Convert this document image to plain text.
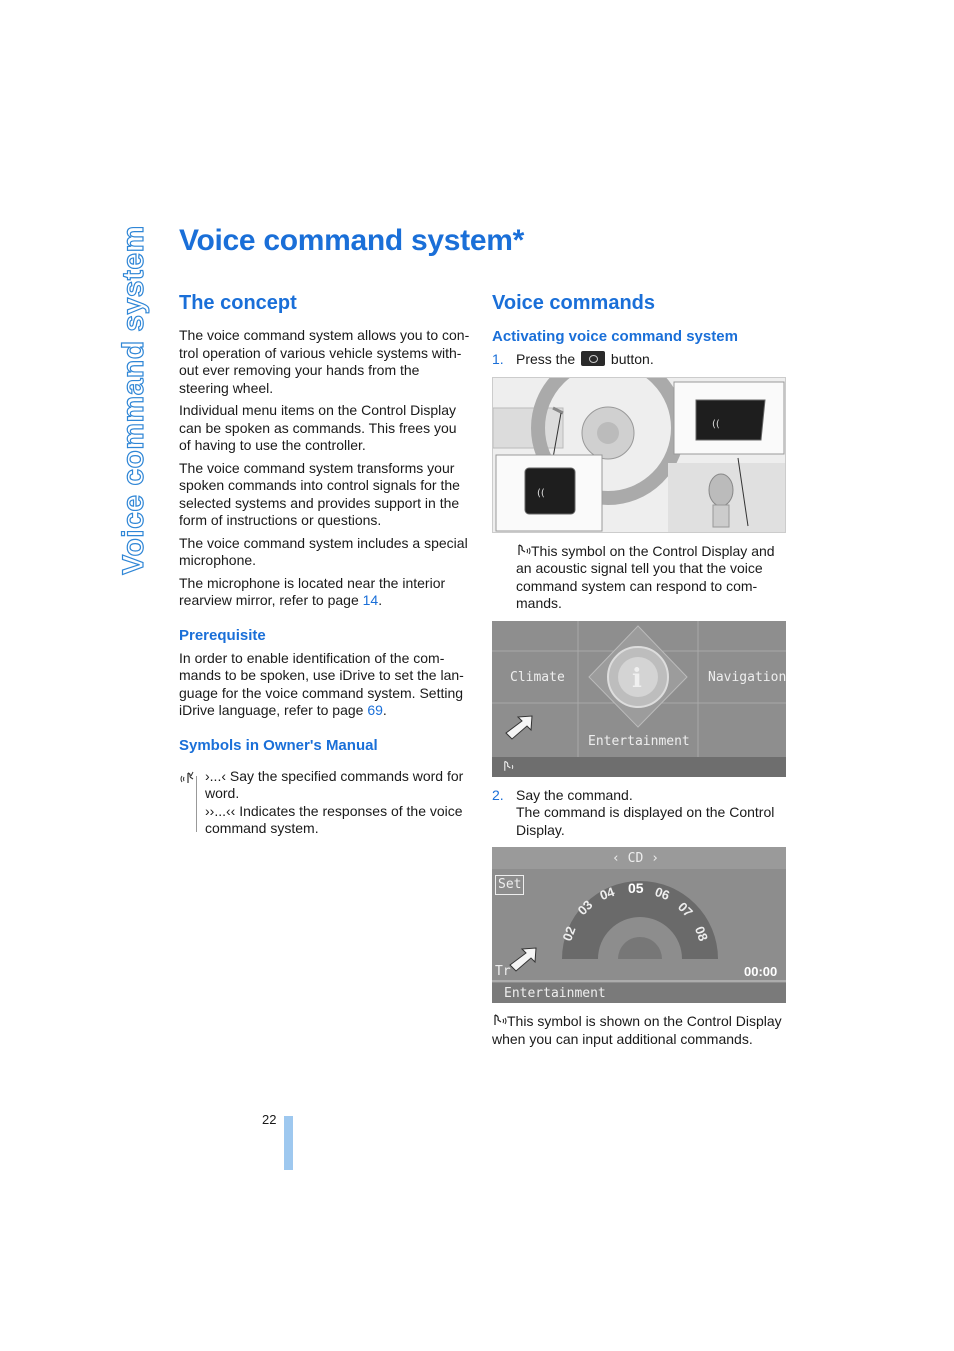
Voice command system Voice command system*
The concept

The voice command system allows you to con-trol operation of various vehicle systems with-out ever removing your hands from the steering wheel.

Individual menu items on the Control Display can be spoken as commands. This frees you of having to use the controller.

The voice command system transforms your spoken commands into control signals for the selected systems and provides support in the form of instructions or questions.

The voice command system includes a special microphone.

The microphone is located near the interior rearview mirror, refer to page 14.

Prerequisite

In order to enable identification of the com-mands to be spoken, use iDrive to set the lan-guage for the voice command system. Setting iDrive language, refer to page 69.

Symbols in Owner's Manual

›...‹ Say the specified commands word for word.

››...‹‹ Indicates the responses of the voice command system.

Voice commands
Activating voice command system
1. Press the	button.
((
((
This symbol on the Control Display and an acoustic signal tell you that the voice command system can respond to com-mands.
i
Climate	Navigation
Entertainment
2. Say the command.
The command is displayed on the Control Display.
‹ CD ›
Set
02
03
04 05 06
07
08
Tr	00:00
Entertainment
This symbol is shown on the Control Display when you can input additional commands.
22
